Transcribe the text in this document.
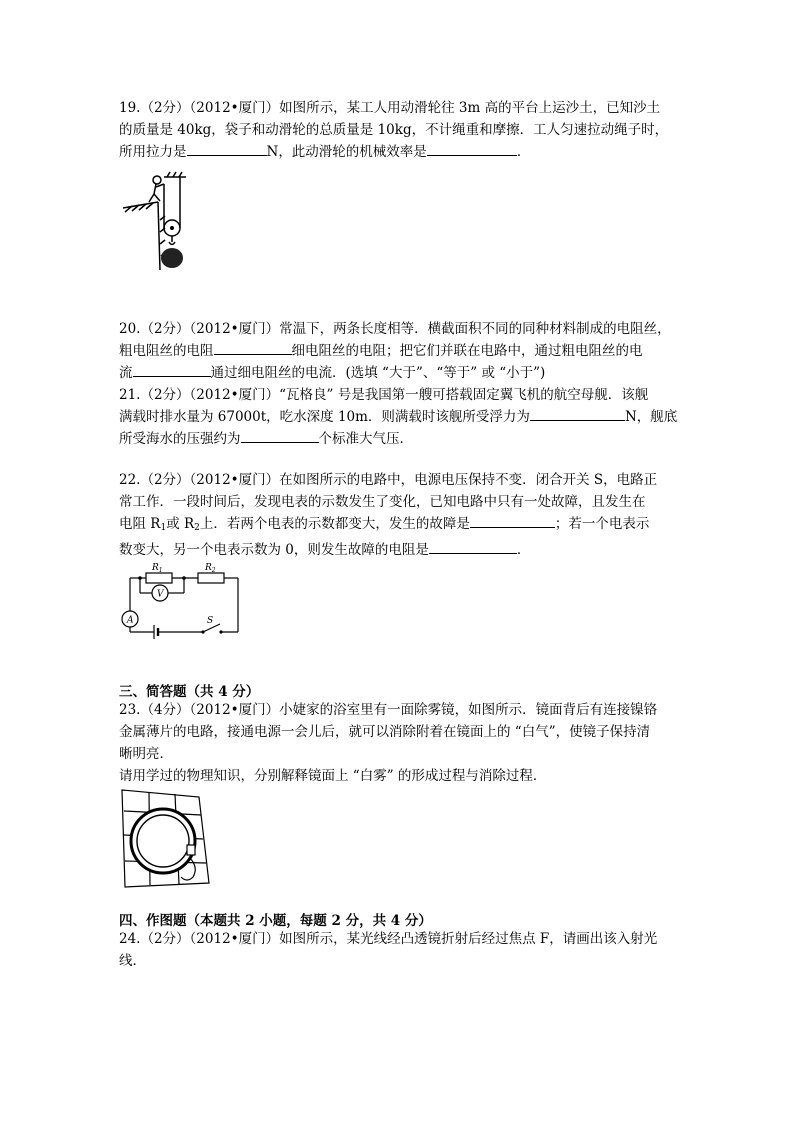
19.（2分）（2012•厦门）如图所示，某工人用动滑轮往 3m 高的平台上运沙土，已知沙土

的质量是 40kg，袋子和动滑轮的总质量是 10kg，不计绳重和摩擦．工人匀速拉动绳子时，

所用拉力是	N，此动滑轮的机械效率是	．

20.（2分）（2012•厦门）常温下，两条长度相等．横截面积不同的同种材料制成的电阻丝，

粗电阻丝的电阻	细电阻丝的电阻；把它们并联在电路中，通过粗电阻丝的电

流	通过细电阻丝的电流．(选填 “大于”、“等于” 或 “小于”)

21.（2分）（2012•厦门）“瓦格良” 号是我国第一艘可搭载固定翼飞机的航空母舰．该舰

满载时排水量为 67000t，吃水深度 10m．则满载时该舰所受浮力为	N，舰底

所受海水的压强约为	个标准大气压．

22.（2分）（2012•厦门）在如图所示的电路中，电源电压保持不变．闭合开关 S，电路正

常工作．一段时间后，发现电表的示数发生了变化，已知电路中只有一处故障，且发生在

电阻 $R_1$或 $R_2$上．若两个电表的示数都变大，发生的故障是	；若一个电表示

数变大，另一个电表示数为 0，则发生故障的电阻是	．

$R_1$	$R_2$
V
A	S
三、简答题（共 4 分）

23.（4分）（2012•厦门）小婕家的浴室里有一面除雾镜，如图所示．镜面背后有连接镍铬

金属薄片的电路，接通电源一会儿后，就可以消除附着在镜面上的 “白气”，使镜子保持清

晰明亮．

请用学过的物理知识，分别解释镜面上 “白雾” 的形成过程与消除过程．

四、作图题（本题共 2 小题，每题 2 分，共 4 分）

24.（2分）（2012•厦门）如图所示，某光线经凸透镜折射后经过焦点 F，请画出该入射光

线．
